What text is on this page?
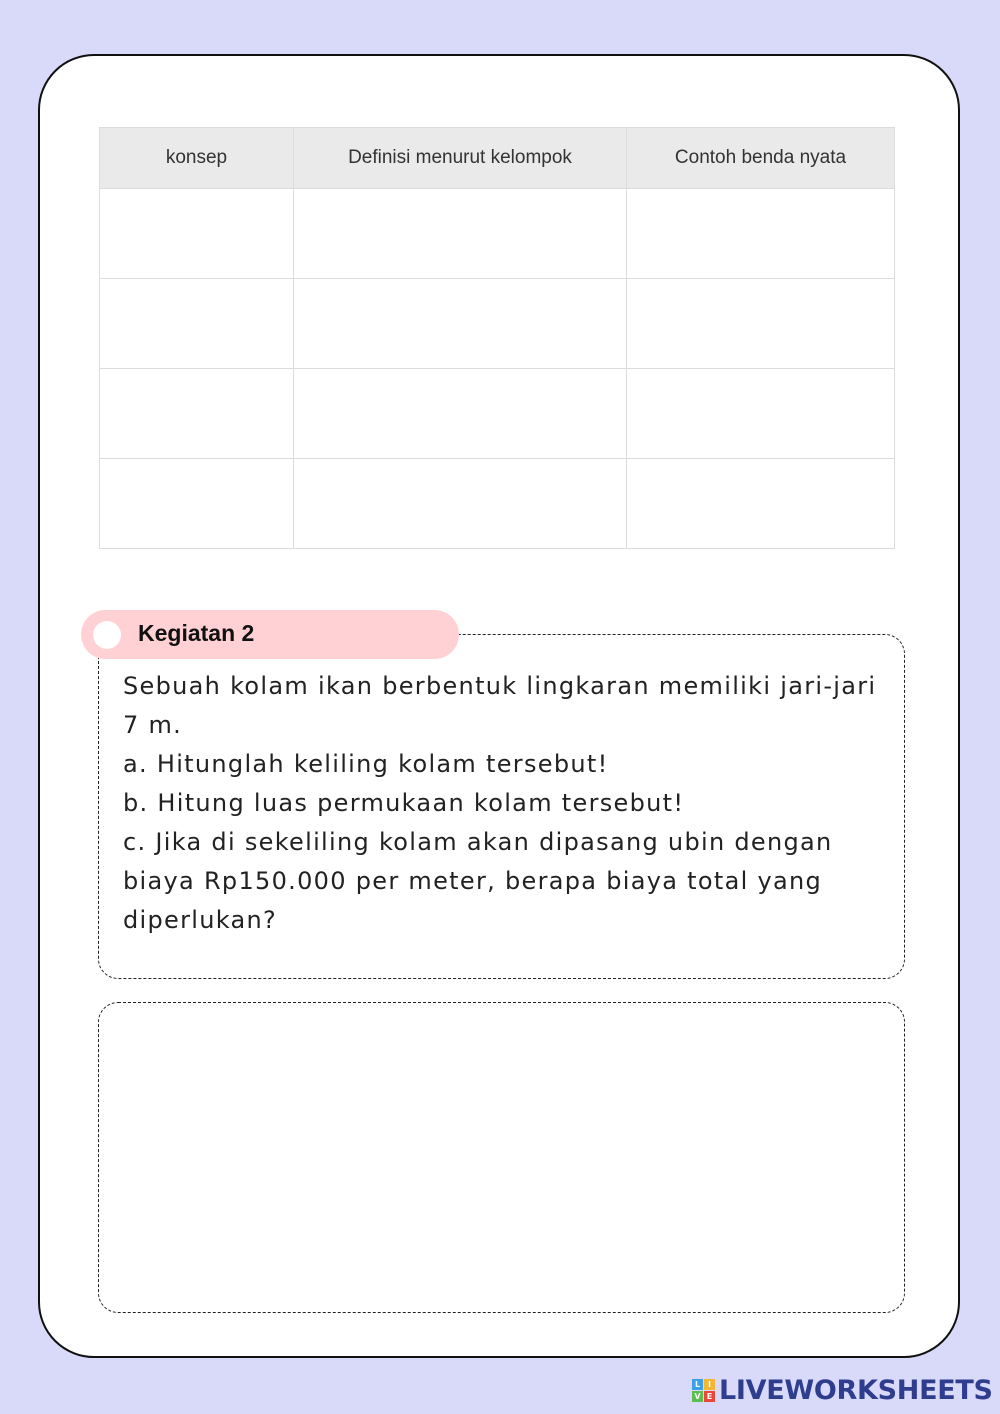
konsep	Definisi menurut kelompok	Contoh benda nyata

Kegiatan 2

Sebuah kolam ikan berbentuk lingkaran memiliki jari-jari 7 m.

a. Hitunglah keliling kolam tersebut!

b. Hitung luas permukaan kolam tersebut!

c. Jika di sekeliling kolam akan dipasang ubin dengan biaya Rp150.000 per meter, berapa biaya total yang diperlukan?

L I
V E LIVEWORKSHEETS
